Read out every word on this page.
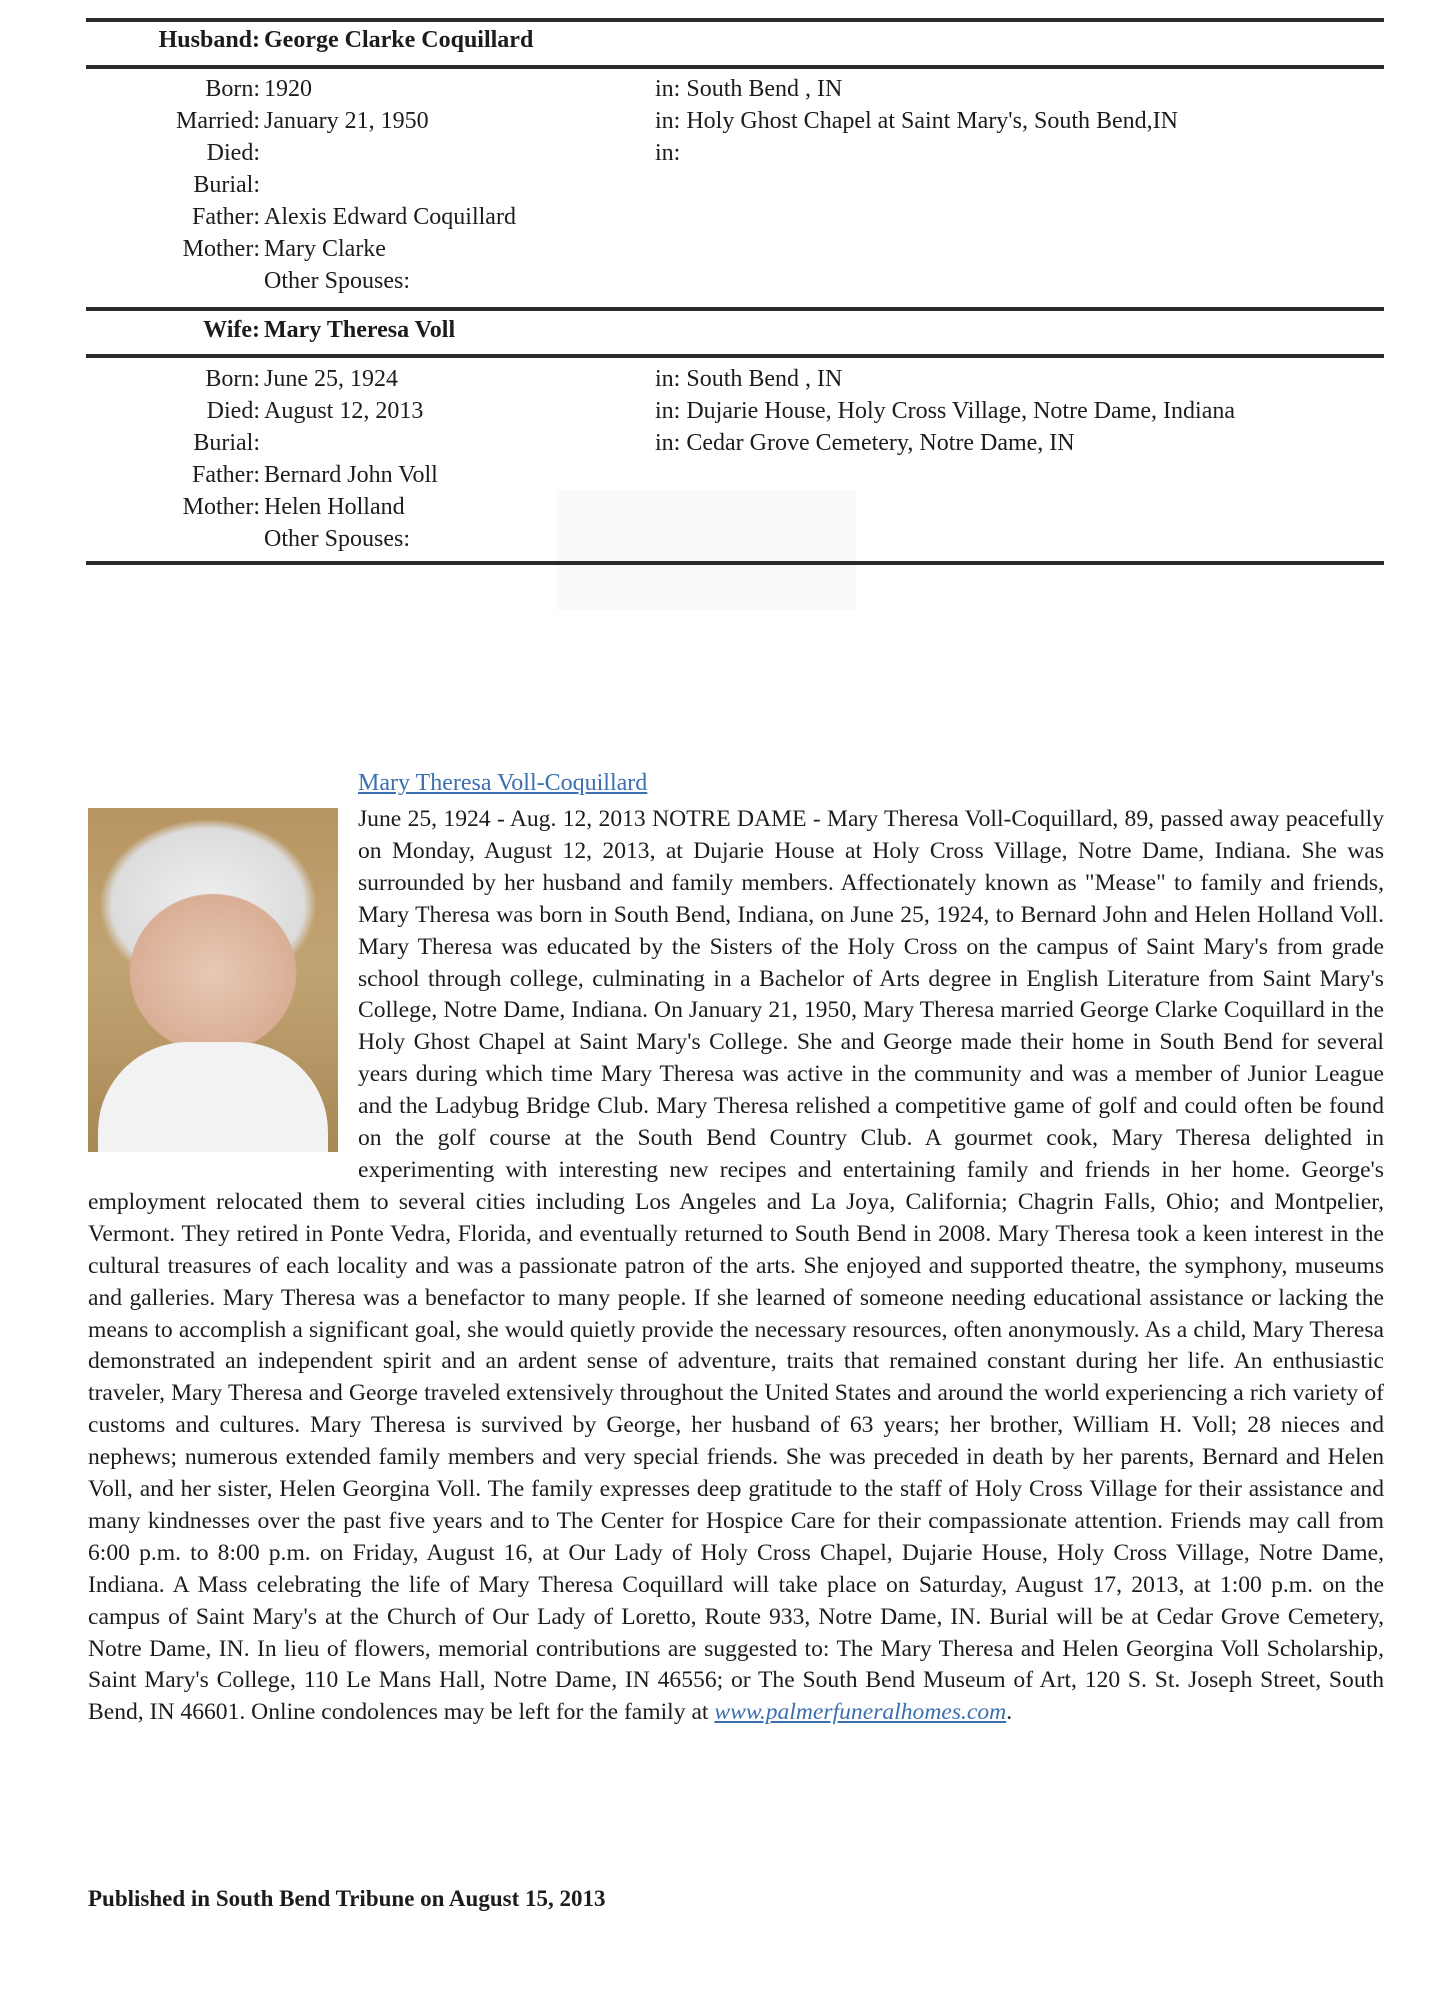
Husband: George Clarke Coquillard
Born: 1920
Married: January 21, 1950
Died:
Burial:
Father: Alexis Edward Coquillard
Mother: Mary Clarke
Other Spouses:
in: South Bend , IN
in: Holy Ghost Chapel at Saint Mary's, South Bend,IN
in:
Wife: Mary Theresa Voll
Born: June 25, 1924
Died: August 12, 2013
Burial:
Father: Bernard John Voll
Mother: Helen Holland
Other Spouses:
in: South Bend , IN
in: Dujarie House, Holy Cross Village, Notre Dame, Indiana
in: Cedar Grove Cemetery, Notre Dame, IN
Mary Theresa Voll-Coquillard
June 25, 1924 - Aug. 12, 2013 NOTRE DAME - Mary Theresa Voll-Coquillard, 89, passed away peacefully on Monday, August 12, 2013, at Dujarie House at Holy Cross Village, Notre Dame, Indiana. She was surrounded by her husband and family members. Affectionately known as "Mease" to family and friends, Mary Theresa was born in South Bend, Indiana, on June 25, 1924, to Bernard John and Helen Holland Voll. Mary Theresa was educated by the Sisters of the Holy Cross on the campus of Saint Mary's from grade school through college, culminating in a Bachelor of Arts degree in English Literature from Saint Mary's College, Notre Dame, Indiana. On January 21, 1950, Mary Theresa married George Clarke Coquillard in the Holy Ghost Chapel at Saint Mary's College. She and George made their home in South Bend for several years during which time Mary Theresa was active in the community and was a member of Junior League and the Ladybug Bridge Club. Mary Theresa relished a competitive game of golf and could often be found on the golf course at the South Bend Country Club. A gourmet cook, Mary Theresa delighted in experimenting with interesting new recipes and entertaining family and friends in her home. George's employment relocated them to several cities including Los Angeles and La Joya, California; Chagrin Falls, Ohio; and Montpelier, Vermont. They retired in Ponte Vedra, Florida, and eventually returned to South Bend in 2008. Mary Theresa took a keen interest in the cultural treasures of each locality and was a passionate patron of the arts. She enjoyed and supported theatre, the symphony, museums and galleries. Mary Theresa was a benefactor to many people. If she learned of someone needing educational assistance or lacking the means to accomplish a significant goal, she would quietly provide the necessary resources, often anonymously. As a child, Mary Theresa demonstrated an independent spirit and an ardent sense of adventure, traits that remained constant during her life. An enthusiastic traveler, Mary Theresa and George traveled extensively throughout the United States and around the world experiencing a rich variety of customs and cultures. Mary Theresa is survived by George, her husband of 63 years; her brother, William H. Voll; 28 nieces and nephews; numerous extended family members and very special friends. She was preceded in death by her parents, Bernard and Helen Voll, and her sister, Helen Georgina Voll. The family expresses deep gratitude to the staff of Holy Cross Village for their assistance and many kindnesses over the past five years and to The Center for Hospice Care for their compassionate attention. Friends may call from 6:00 p.m. to 8:00 p.m. on Friday, August 16, at Our Lady of Holy Cross Chapel, Dujarie House, Holy Cross Village, Notre Dame, Indiana. A Mass celebrating the life of Mary Theresa Coquillard will take place on Saturday, August 17, 2013, at 1:00 p.m. on the campus of Saint Mary's at the Church of Our Lady of Loretto, Route 933, Notre Dame, IN. Burial will be at Cedar Grove Cemetery, Notre Dame, IN. In lieu of flowers, memorial contributions are suggested to: The Mary Theresa and Helen Georgina Voll Scholarship, Saint Mary's College, 110 Le Mans Hall, Notre Dame, IN 46556; or The South Bend Museum of Art, 120 S. St. Joseph Street, South Bend, IN 46601. Online condolences may be left for the family at www.palmerfuneralhomes.com.
Published in South Bend Tribune on August 15, 2013
